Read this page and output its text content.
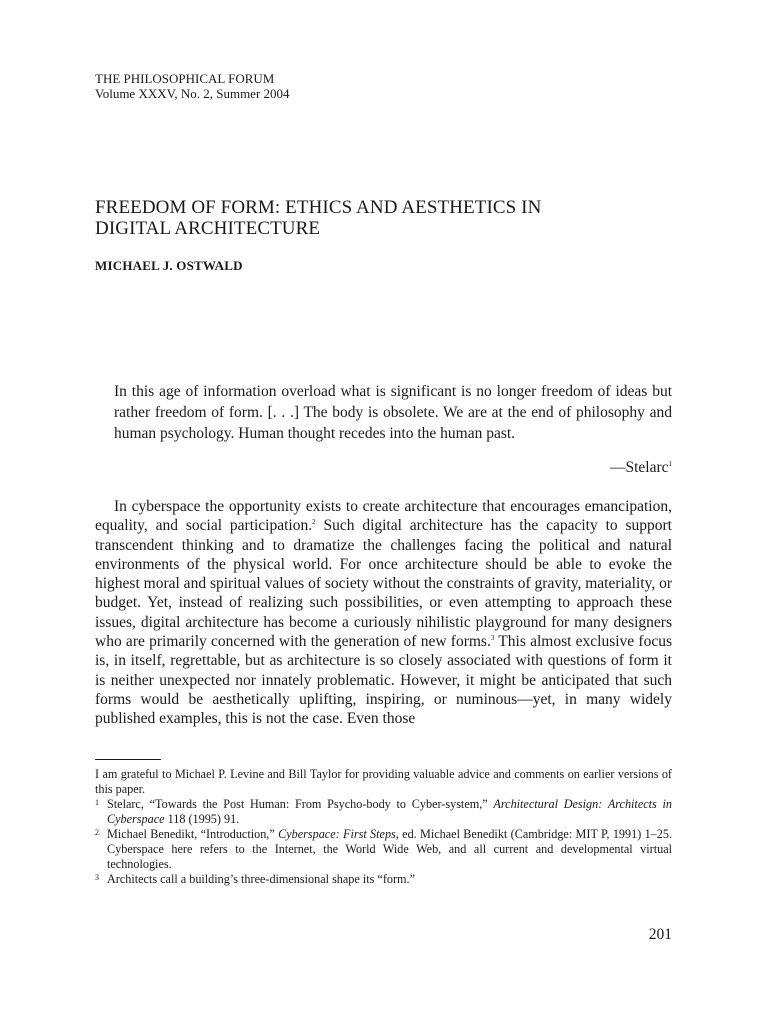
THE PHILOSOPHICAL FORUM
Volume XXXV, No. 2, Summer 2004
FREEDOM OF FORM: ETHICS AND AESTHETICS IN
DIGITAL ARCHITECTURE
MICHAEL J. OSTWALD
In this age of information overload what is significant is no longer freedom of ideas but rather freedom of form. [. . .] The body is obsolete. We are at the end of philosophy and human psychology. Human thought recedes into the human past.
—Stelarc$^1$

In cyberspace the opportunity exists to create architecture that encourages emancipation, equality, and social participation.$^2$ Such digital architecture has the capacity to support transcendent thinking and to dramatize the challenges facing the political and natural environments of the physical world. For once architecture should be able to evoke the highest moral and spiritual values of society without the constraints of gravity, materiality, or budget. Yet, instead of realizing such possibilities, or even attempting to approach these issues, digital architecture has become a curiously nihilistic playground for many designers who are primarily concerned with the generation of new forms.$^3$ This almost exclusive focus is, in itself, regrettable, but as architecture is so closely associated with questions of form it is neither unexpected nor innately problematic. However, it might be anticipated that such forms would be aesthetically uplifting, inspiring, or numinous—yet, in many widely published examples, this is not the case. Even those

I am grateful to Michael P. Levine and Bill Taylor for providing valuable advice and comments on earlier versions of this paper.

1 Stelarc, “Towards the Post Human: From Psycho-body to Cyber-system,” Architectural Design: Architects in Cyberspace 118 (1995) 91.

2 Michael Benedikt, “Introduction,” Cyberspace: First Steps, ed. Michael Benedikt (Cambridge: MIT P, 1991) 1–25. Cyberspace here refers to the Internet, the World Wide Web, and all current and developmental virtual technologies.

3 Architects call a building’s three-dimensional shape its “form.”

201
